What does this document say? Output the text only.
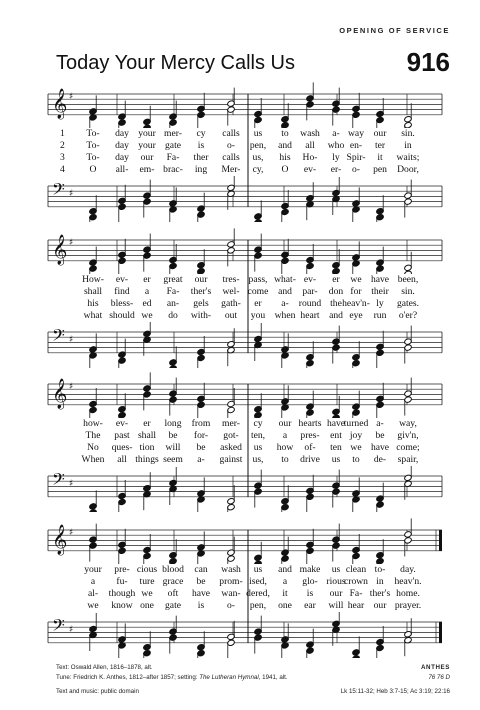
OPENING OF SERVICE
Today Your Mercy Calls Us	916
𝄞 ♯
1 To- day your mer- cy calls us to wash a- way our sin.
2 To- day your gate is o- pen, and all who en- ter in
3 To- day our Fa- ther calls us, his Ho- ly Spir- it waits;
4	O all- em- brac- ing Mer- cy, O ev- er- o- pen Door,
𝄢 ♯
𝄞 ♯
How- ev- er great our tres- pass, what- ev- er we have been,
shall find a Fa- ther's wel- come and par- don for their sin.
his bless- ed an- gels gath- er a- round the heav'n- ly gates.
what should we do with- out you when heart and eye run o'er?
𝄢 ♯
𝄞 ♯
how- ev- er long from mer- cy our hearts have
turned a- way,
The past shall be for- got- ten, a pres- ent joy be giv'n,
No ques- tion will be asked us how of- ten we have come;
When all things seem a- gainst us, to drive us to de- spair,
𝄢 ♯
𝄞 ♯
your pre- cious blood can wash us and make us clean to- day.
a fu- ture grace be prom- ised, a glo- rious
crown in heav'n.
al- though we oft have wan- dered, it is our Fa- ther's home.
we know one gate is o- pen, one ear will hear our prayer.
𝄢 ♯
Text: Oswald Allen, 1816–1878, alt.
Tune: Friedrich K. Anthes, 1812–after 1857; setting: The Lutheran Hymnal, 1941, alt.
Text and music: public domain
ANTHES
76 76 D
Lk 15:11-32; Heb 3:7-15; Ac 3:19; 22:16
